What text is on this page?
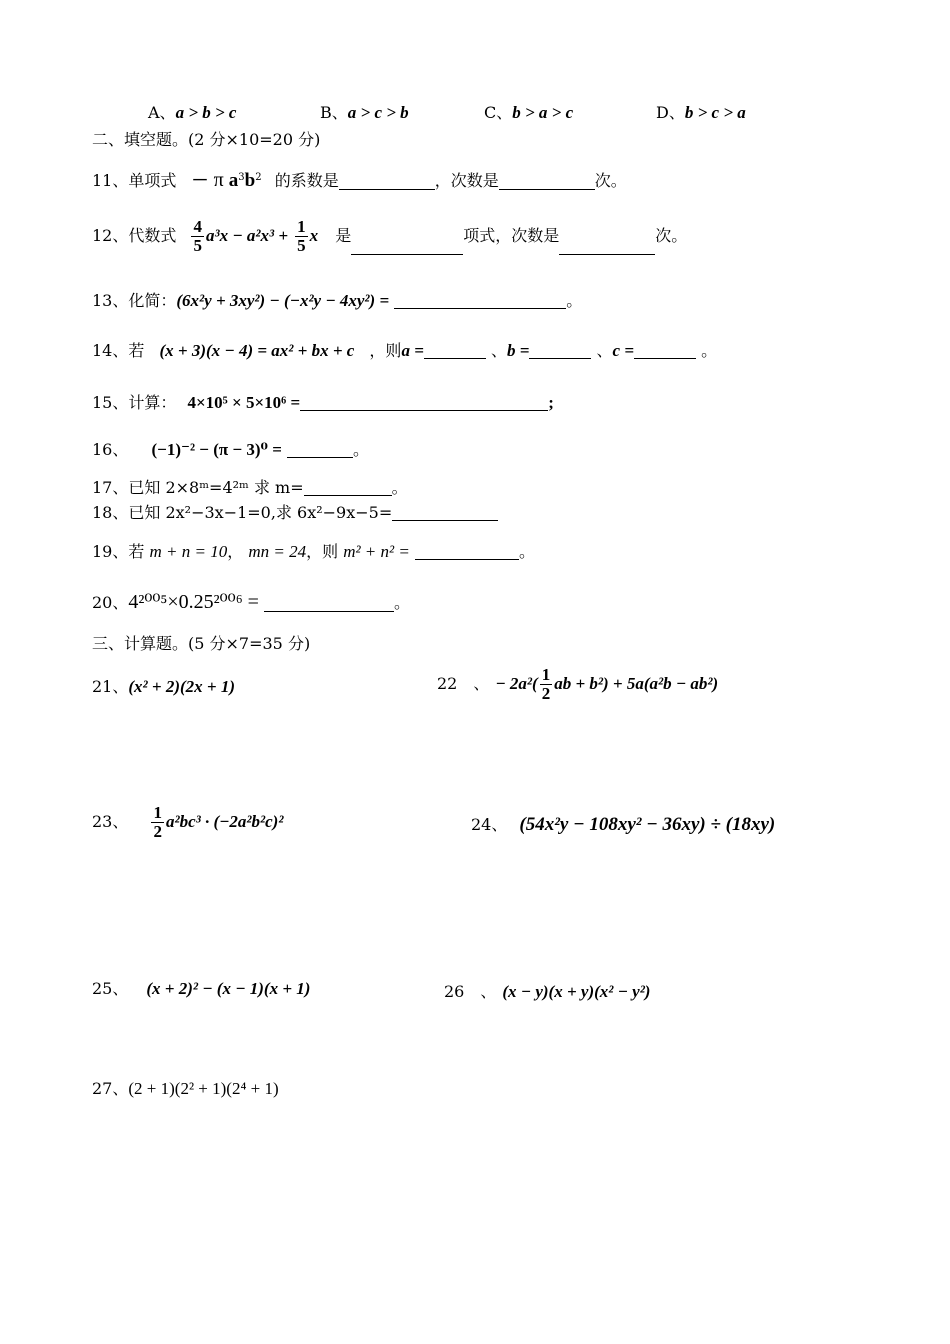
A、a > b > c	B、a > c > b	C、b > a > c	D、b > c > a
二、填空题。(2 分×10=20 分)
11、单项式 － π $a^3b^2$ 的系数是	，次数是	次。
12、代数式 $\frac{4}{5} a^3x - a^2x^3 + \frac{1}{5}$ x 是	项式，次数是	次。
13、化简：(6x²y + 3xy²) − (−x²y − 4xy²) =	。
14、若 (x + 3)(x − 4) = ax² + bx + c ，则a =	、b =	、c =	。
15、计算： 4×10⁵ × 5×10⁶ =	;
16、 (−1)⁻² − (π − 3)⁰ =	。
17、已知 2×8ᵐ=4²ᵐ 求 m=	。
18、已知 2x²−3x−1=0,求 6x²−9x−5=
19、若 m + n = 10， mn = 24，则 m² + n² =	。
20、4²⁰⁰⁵×0.25²⁰⁰⁶ =	。
三、计算题。(5 分×7=35 分)
21、(x² + 2)(2x + 1)	22　、 − $2a^2( \frac{1}{2}$ ab + b²) + 5a(a²b − ab²)
23、 $\frac{1}{2} a^2bc^3 \cdot (-2a^2b^2c)^2$	24、 (54x²y − 108xy² − 36xy) ÷ (18xy)
25、 (x + 2)² − (x − 1)(x + 1)	26　、 (x − y)(x + y)(x² − y²)
27、(2 + 1)(2² + 1)(2⁴ + 1)
